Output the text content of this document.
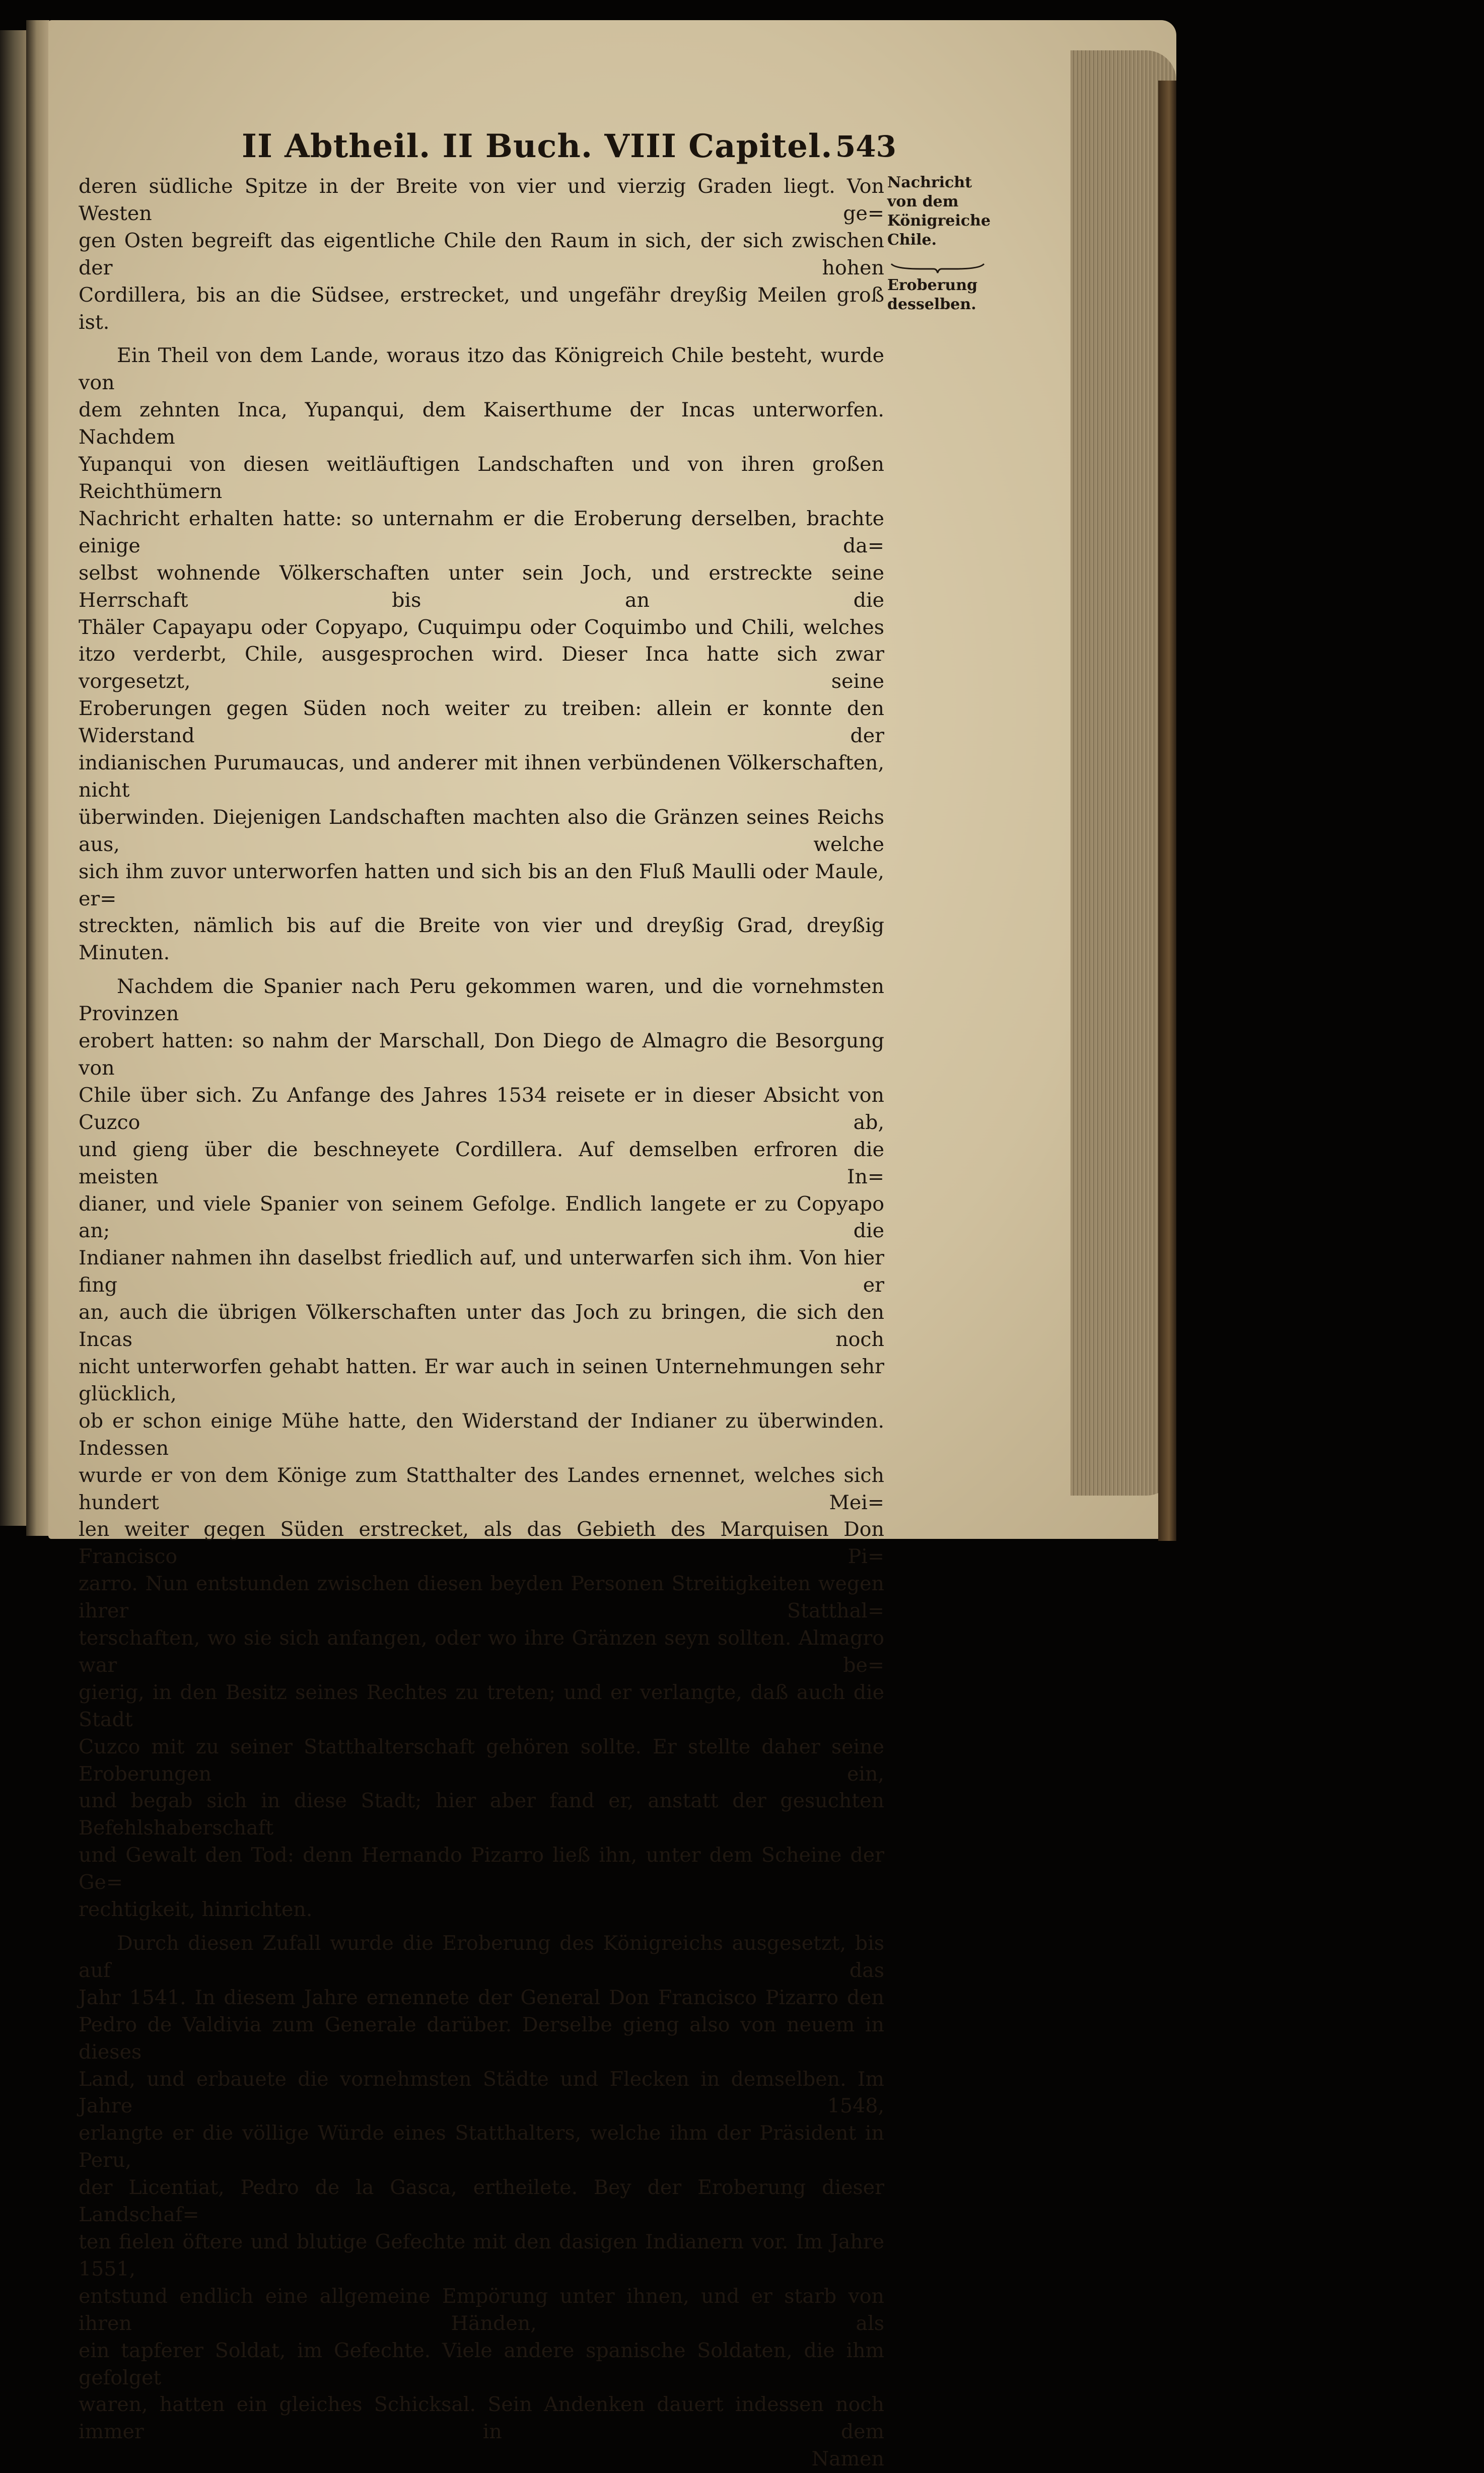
II Abtheil. II Buch. VIII Capitel. 543
deren südliche Spitze in der Breite von vier und vierzig Graden liegt. Von Westen ge=
gen Osten begreift das eigentliche Chile den Raum in sich, der sich zwischen der hohen
Cordillera, bis an die Südsee, erstrecket, und ungefähr dreyßig Meilen groß ist.
Ein Theil von dem Lande, woraus itzo das Königreich Chile besteht, wurde von
dem zehnten Inca, Yupanqui, dem Kaiserthume der Incas unterworfen. Nachdem
Yupanqui von diesen weitläuftigen Landschaften und von ihren großen Reichthümern
Nachricht erhalten hatte: so unternahm er die Eroberung derselben, brachte einige da=
selbst wohnende Völkerschaften unter sein Joch, und erstreckte seine Herrschaft bis an die
Thäler Capayapu oder Copyapo, Cuquimpu oder Coquimbo und Chili, welches
itzo verderbt, Chile, ausgesprochen wird. Dieser Inca hatte sich zwar vorgesetzt, seine
Eroberungen gegen Süden noch weiter zu treiben: allein er konnte den Widerstand der
indianischen Purumaucas, und anderer mit ihnen verbündenen Völkerschaften, nicht
überwinden. Diejenigen Landschaften machten also die Gränzen seines Reichs aus, welche
sich ihm zuvor unterworfen hatten und sich bis an den Fluß Maulli oder Maule, er=
streckten, nämlich bis auf die Breite von vier und dreyßig Grad, dreyßig Minuten.
Nachdem die Spanier nach Peru gekommen waren, und die vornehmsten Provinzen
erobert hatten: so nahm der Marschall, Don Diego de Almagro die Besorgung von
Chile über sich. Zu Anfange des Jahres 1534 reisete er in dieser Absicht von Cuzco ab,
und gieng über die beschneyete Cordillera. Auf demselben erfroren die meisten In=
dianer, und viele Spanier von seinem Gefolge. Endlich langete er zu Copyapo an; die
Indianer nahmen ihn daselbst friedlich auf, und unterwarfen sich ihm. Von hier fing er
an, auch die übrigen Völkerschaften unter das Joch zu bringen, die sich den Incas noch
nicht unterworfen gehabt hatten. Er war auch in seinen Unternehmungen sehr glücklich,
ob er schon einige Mühe hatte, den Widerstand der Indianer zu überwinden. Indessen
wurde er von dem Könige zum Statthalter des Landes ernennet, welches sich hundert Mei=
len weiter gegen Süden erstrecket, als das Gebieth des Marquisen Don Francisco Pi=
zarro. Nun entstunden zwischen diesen beyden Personen Streitigkeiten wegen ihrer Statthal=
terschaften, wo sie sich anfangen, oder wo ihre Gränzen seyn sollten. Almagro war be=
gierig, in den Besitz seines Rechtes zu treten; und er verlangte, daß auch die Stadt
Cuzco mit zu seiner Statthalterschaft gehören sollte. Er stellte daher seine Eroberungen ein,
und begab sich in diese Stadt; hier aber fand er, anstatt der gesuchten Befehlshaberschaft
und Gewalt den Tod: denn Hernando Pizarro ließ ihn, unter dem Scheine der Ge=
rechtigkeit, hinrichten.
Durch diesen Zufall wurde die Eroberung des Königreichs ausgesetzt, bis auf das
Jahr 1541. In diesem Jahre ernennete der General Don Francisco Pizarro den
Pedro de Valdivia zum Generale darüber. Derselbe gieng also von neuem in dieses
Land, und erbauete die vornehmsten Städte und Flecken in demselben. Im Jahre 1548,
erlangte er die völlige Würde eines Statthalters, welche ihm der Präsident in Peru,
der Licentiat, Pedro de la Gasca, ertheilete. Bey der Eroberung dieser Landschaf=
ten fielen öftere und blutige Gefechte mit den dasigen Indianern vor. Im Jahre 1551,
entstund endlich eine allgemeine Empörung unter ihnen, und er starb von ihren Händen, als
ein tapferer Soldat, im Gefechte. Viele andere spanische Soldaten, die ihm gefolget
waren, hatten ein gleiches Schicksal. Sein Andenken dauert indessen noch immer in dem
Namen

Nachricht

von dem

Königreiche

Chile.

Eroberung

desselben.
